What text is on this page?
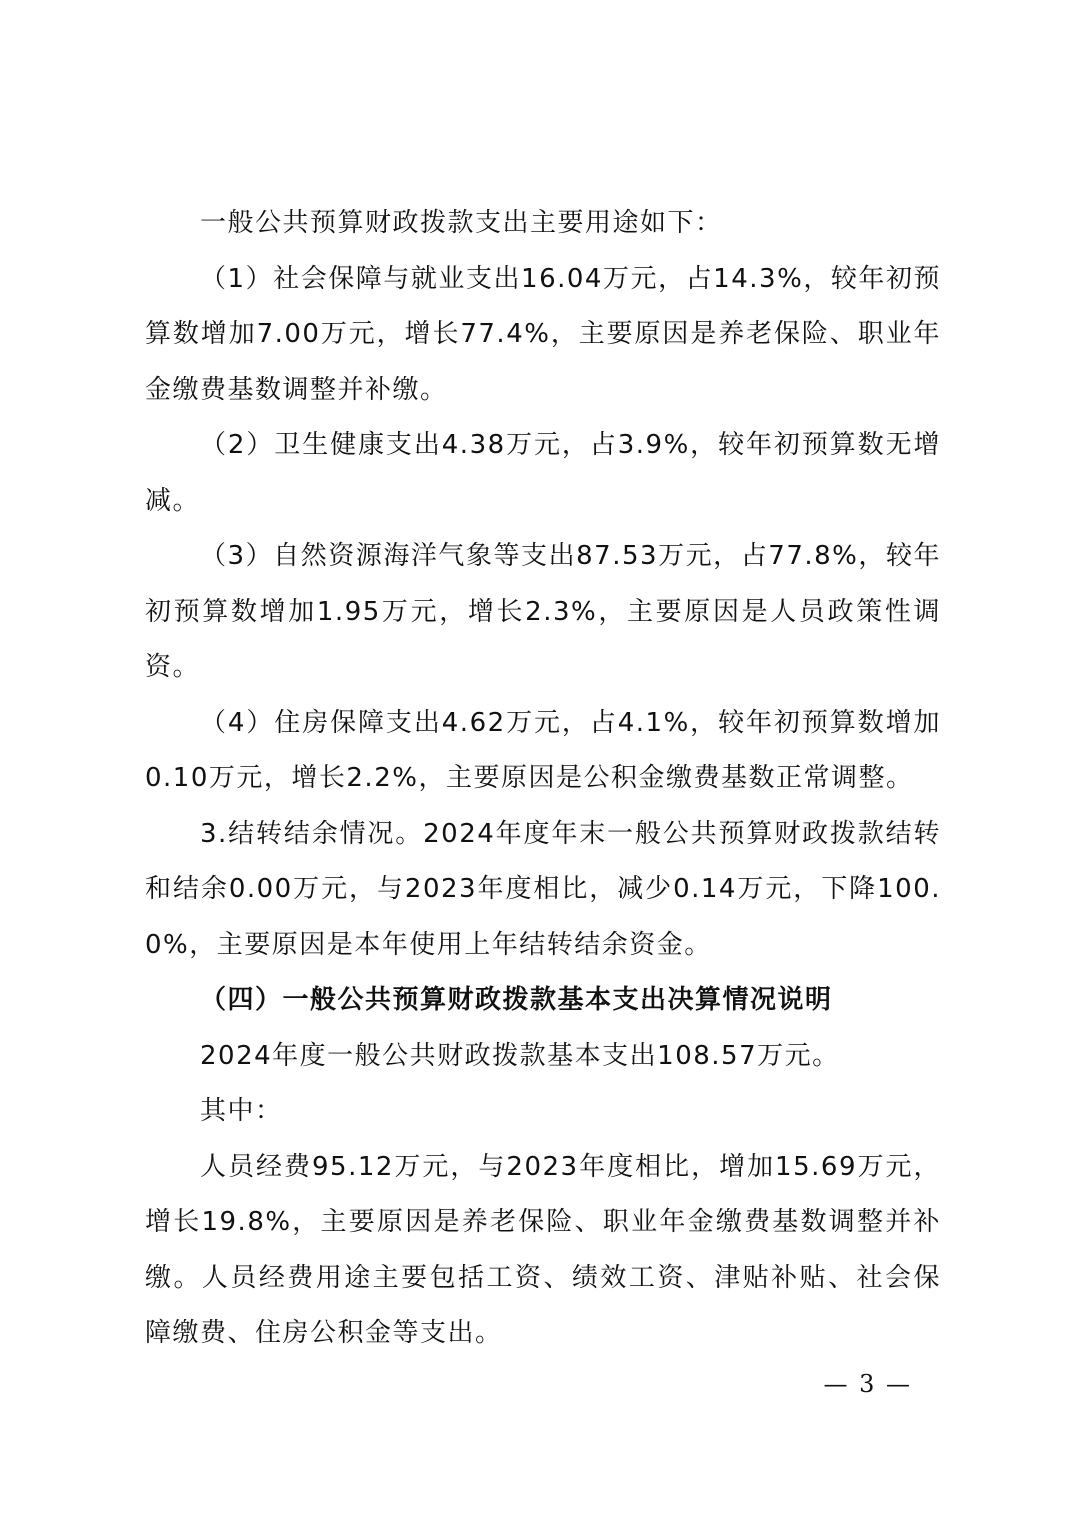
一般公共预算财政拨款支出主要用途如下：

（1）社会保障与就业支出16.04万元，占14.3%，较年初预算数增加7.00万元，增长77.4%，主要原因是养老保险、职业年金缴费基数调整并补缴。

（2）卫生健康支出4.38万元，占3.9%，较年初预算数无增减。

（3）自然资源海洋气象等支出87.53万元，占77.8%，较年初预算数增加1.95万元，增长2.3%，主要原因是人员政策性调资。

（4）住房保障支出4.62万元，占4.1%，较年初预算数增加0.10万元，增长2.2%，主要原因是公积金缴费基数正常调整。

3.结转结余情况。2024年度年末一般公共预算财政拨款结转和结余0.00万元，与2023年度相比，减少0.14万元，下降100.0%，主要原因是本年使用上年结转结余资金。

（四）一般公共预算财政拨款基本支出决算情况说明

2024年度一般公共财政拨款基本支出108.57万元。

其中：

人员经费95.12万元，与2023年度相比，增加15.69万元，增长19.8%，主要原因是养老保险、职业年金缴费基数调整并补缴。人员经费用途主要包括工资、绩效工资、津贴补贴、社会保障缴费、住房公积金等支出。

— 3 —
